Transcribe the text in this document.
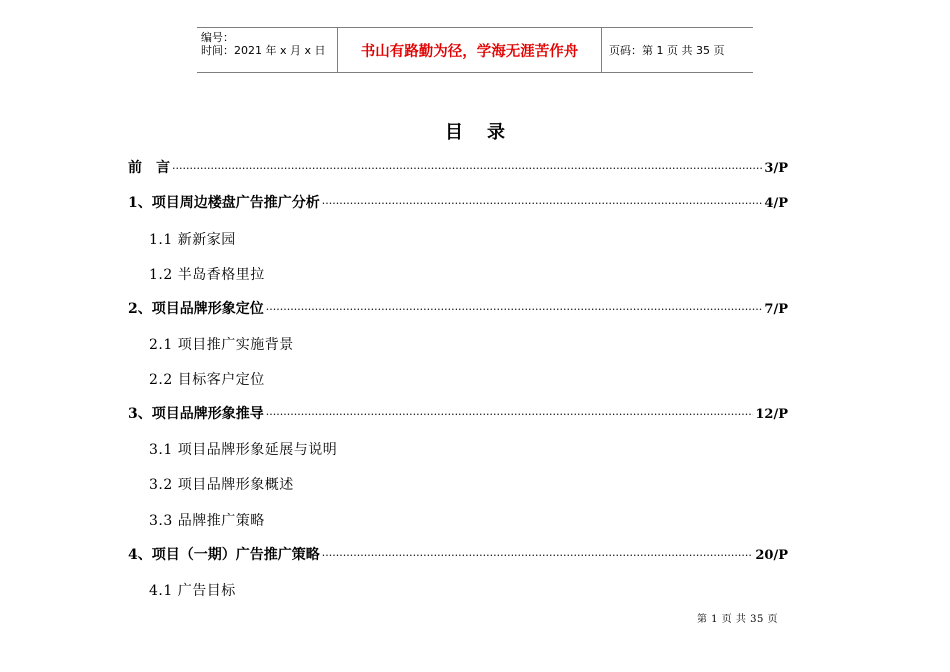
编号：
时间：2021 年 x 月 x 日	书山有路勤为径，学海无涯苦作舟	页码：第 1 页 共 35 页
目录
前　言 ·····	3/P
1、项目周边楼盘广告推广分析 ·····	4/P
1.1 新新家园
1.2 半岛香格里拉
2、项目品牌形象定位 ·····	7/P
2.1 项目推广实施背景
2.2 目标客户定位
3、项目品牌形象推导 ·····	12/P
3.1 项目品牌形象延展与说明
3.2 项目品牌形象概述
3.3 品牌推广策略
4、项目（一期）广告推广策略 ·····	20/P
4.1 广告目标
第 1 页 共 35 页
